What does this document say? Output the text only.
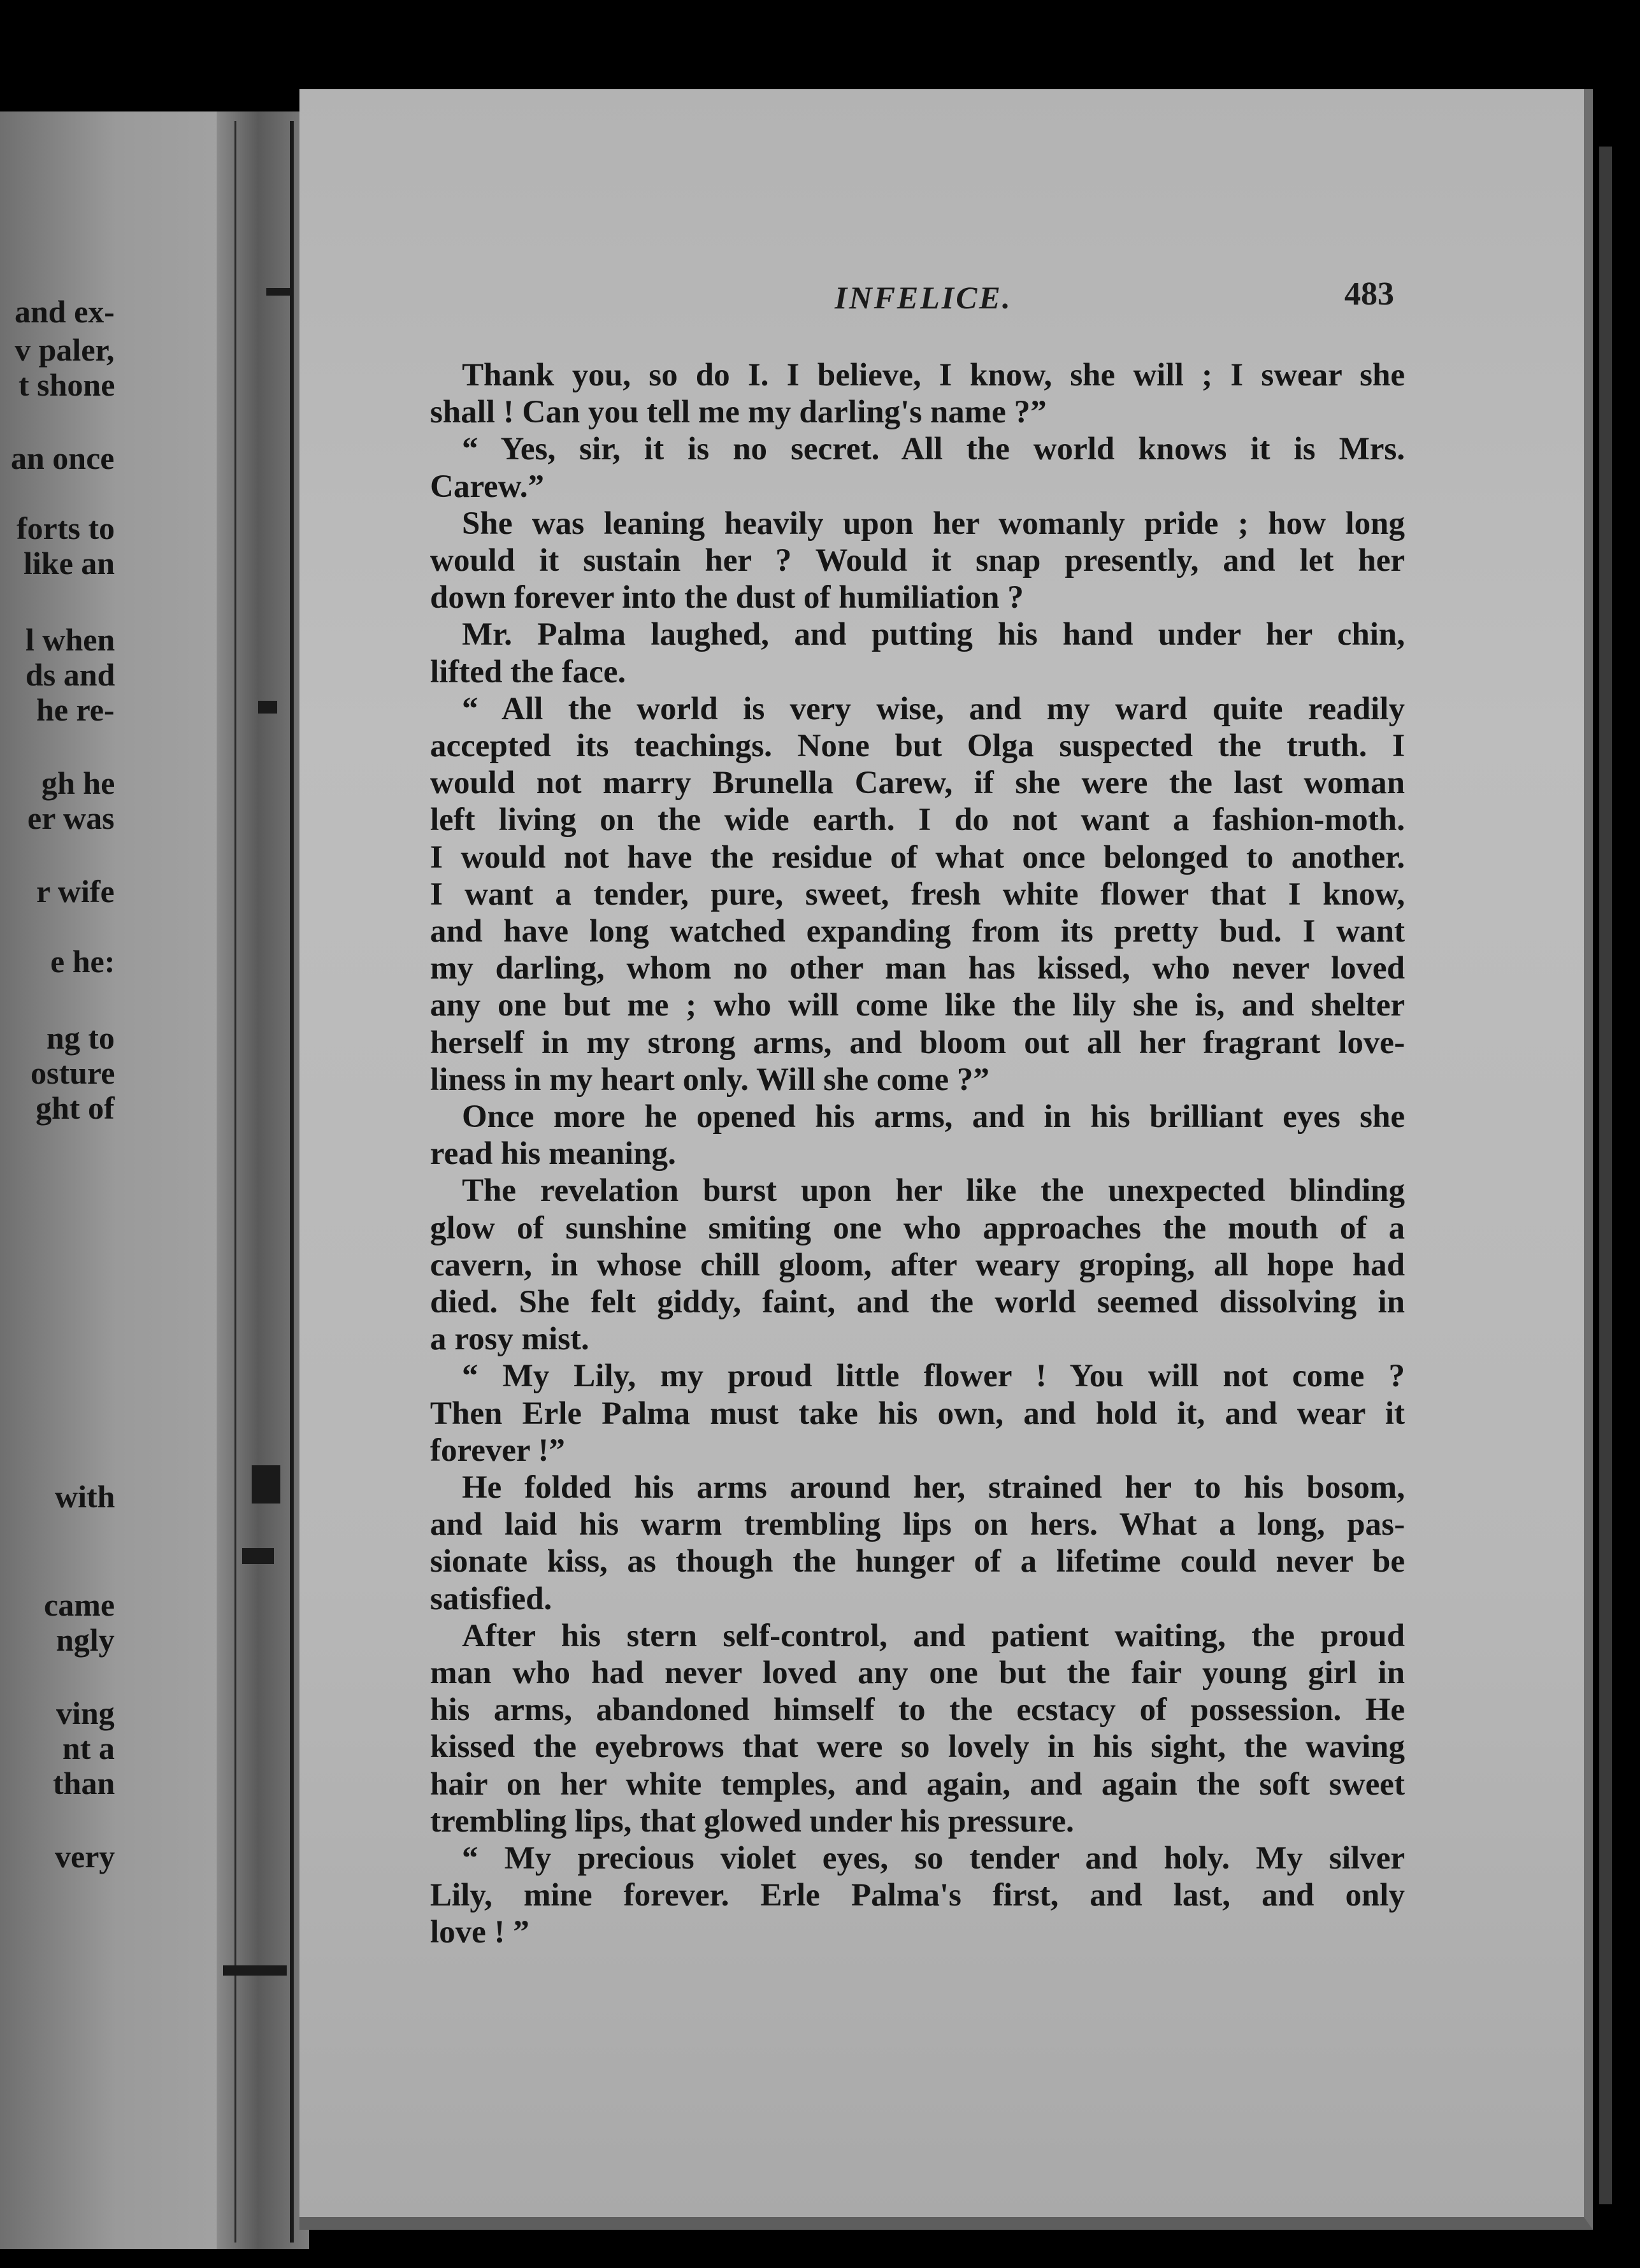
and ex-
v paler,
t shone
an once
forts to
like an
l when
ds and
he re-
gh he
er was
r wife
e he:
ng to
osture
ght of
with
came
ngly
ving
nt a
than
very
INFELICE.	483
Thank you, so do I. I believe, I know, she will ; I swear she
shall ! Can you tell me my darling's name ?”
“ Yes, sir, it is no secret. All the world knows it is Mrs.
Carew.”
She was leaning heavily upon her womanly pride ; how long
would it sustain her ? Would it snap presently, and let her
down forever into the dust of humiliation ?
Mr. Palma laughed, and putting his hand under her chin,
lifted the face.
“ All the world is very wise, and my ward quite readily
accepted its teachings. None but Olga suspected the truth. I
would not marry Brunella Carew, if she were the last woman
left living on the wide earth. I do not want a fashion-moth.
I would not have the residue of what once belonged to another.
I want a tender, pure, sweet, fresh white flower that I know,
and have long watched expanding from its pretty bud. I want
my darling, whom no other man has kissed, who never loved
any one but me ; who will come like the lily she is, and shelter
herself in my strong arms, and bloom out all her fragrant love-
liness in my heart only. Will she come ?”
Once more he opened his arms, and in his brilliant eyes she
read his meaning.
The revelation burst upon her like the unexpected blinding
glow of sunshine smiting one who approaches the mouth of a
cavern, in whose chill gloom, after weary groping, all hope had
died. She felt giddy, faint, and the world seemed dissolving in
a rosy mist.
“ My Lily, my proud little flower ! You will not come ?
Then Erle Palma must take his own, and hold it, and wear it
forever !”
He folded his arms around her, strained her to his bosom,
and laid his warm trembling lips on hers. What a long, pas-
sionate kiss, as though the hunger of a lifetime could never be
satisfied.
After his stern self-control, and patient waiting, the proud
man who had never loved any one but the fair young girl in
his arms, abandoned himself to the ecstacy of possession. He
kissed the eyebrows that were so lovely in his sight, the waving
hair on her white temples, and again, and again the soft sweet
trembling lips, that glowed under his pressure.
“ My precious violet eyes, so tender and holy. My silver
Lily, mine forever. Erle Palma's first, and last, and only
love ! ”
